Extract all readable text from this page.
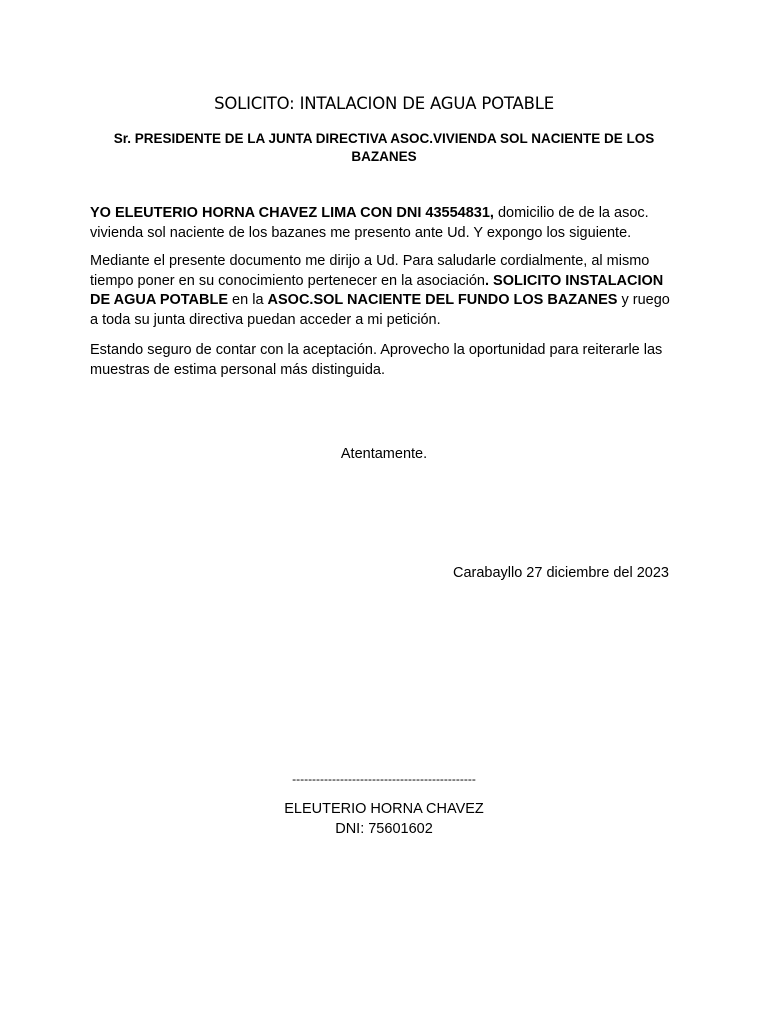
SOLICITO: INTALACION DE AGUA POTABLE
Sr. PRESIDENTE DE LA JUNTA DIRECTIVA ASOC.VIVIENDA SOL NACIENTE DE LOS BAZANES

YO ELEUTERIO HORNA CHAVEZ LIMA CON DNI 43554831, domicilio de de la asoc. vivienda sol naciente de los bazanes me presento ante Ud. Y expongo los siguiente.

Mediante el presente documento me dirijo a Ud. Para saludarle cordialmente, al mismo tiempo poner en su conocimiento pertenecer en la asociación. SOLICITO INSTALACION DE AGUA POTABLE en la ASOC.SOL NACIENTE DEL FUNDO LOS BAZANES y ruego a toda su junta directiva puedan acceder a mi petición.

Estando seguro de contar con la aceptación. Aprovecho la oportunidad para reiterarle las muestras de estima personal más distinguida.

Atentamente.
Carabayllo 27 diciembre del 2023
----------------------------------------------
ELEUTERIO HORNA CHAVEZ
DNI: 75601602
